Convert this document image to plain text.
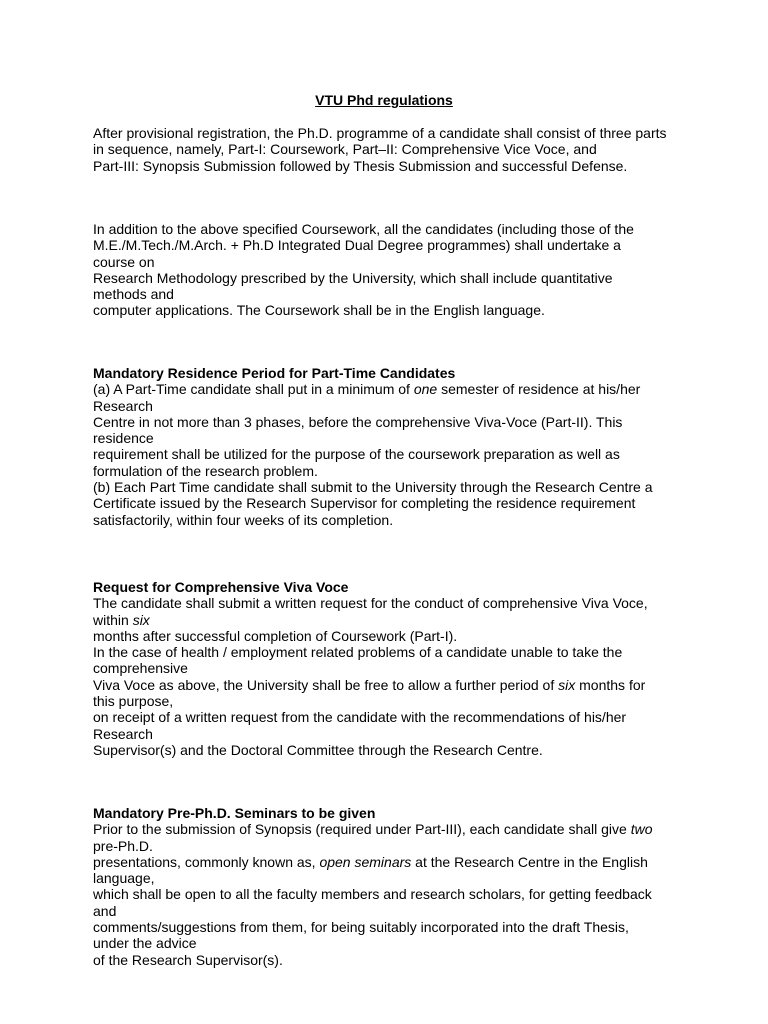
VTU Phd regulations
After provisional registration, the Ph.D. programme of a candidate shall consist of three parts
in sequence, namely, Part-I: Coursework, Part–II: Comprehensive Vice Voce, and
Part-III: Synopsis Submission followed by Thesis Submission and successful Defense.
In addition to the above specified Coursework, all the candidates (including those of the
M.E./M.Tech./M.Arch. + Ph.D Integrated Dual Degree programmes) shall undertake a
course on
Research Methodology prescribed by the University, which shall include quantitative
methods and
computer applications. The Coursework shall be in the English language.
Mandatory Residence Period for Part-Time Candidates
(a) A Part-Time candidate shall put in a minimum of one semester of residence at his/her
Research
Centre in not more than 3 phases, before the comprehensive Viva-Voce (Part-II). This
residence
requirement shall be utilized for the purpose of the coursework preparation as well as
formulation of the research problem.
(b) Each Part Time candidate shall submit to the University through the Research Centre a
Certificate issued by the Research Supervisor for completing the residence requirement
satisfactorily, within four weeks of its completion.
Request for Comprehensive Viva Voce
The candidate shall submit a written request for the conduct of comprehensive Viva Voce,
within six
months after successful completion of Coursework (Part-I).
In the case of health / employment related problems of a candidate unable to take the
comprehensive
Viva Voce as above, the University shall be free to allow a further period of six months for
this purpose,
on receipt of a written request from the candidate with the recommendations of his/her
Research
Supervisor(s) and the Doctoral Committee through the Research Centre.
Mandatory Pre-Ph.D. Seminars to be given
Prior to the submission of Synopsis (required under Part-III), each candidate shall give two
pre-Ph.D.
presentations, commonly known as, open seminars at the Research Centre in the English
language,
which shall be open to all the faculty members and research scholars, for getting feedback
and
comments/suggestions from them, for being suitably incorporated into the draft Thesis,
under the advice
of the Research Supervisor(s).
